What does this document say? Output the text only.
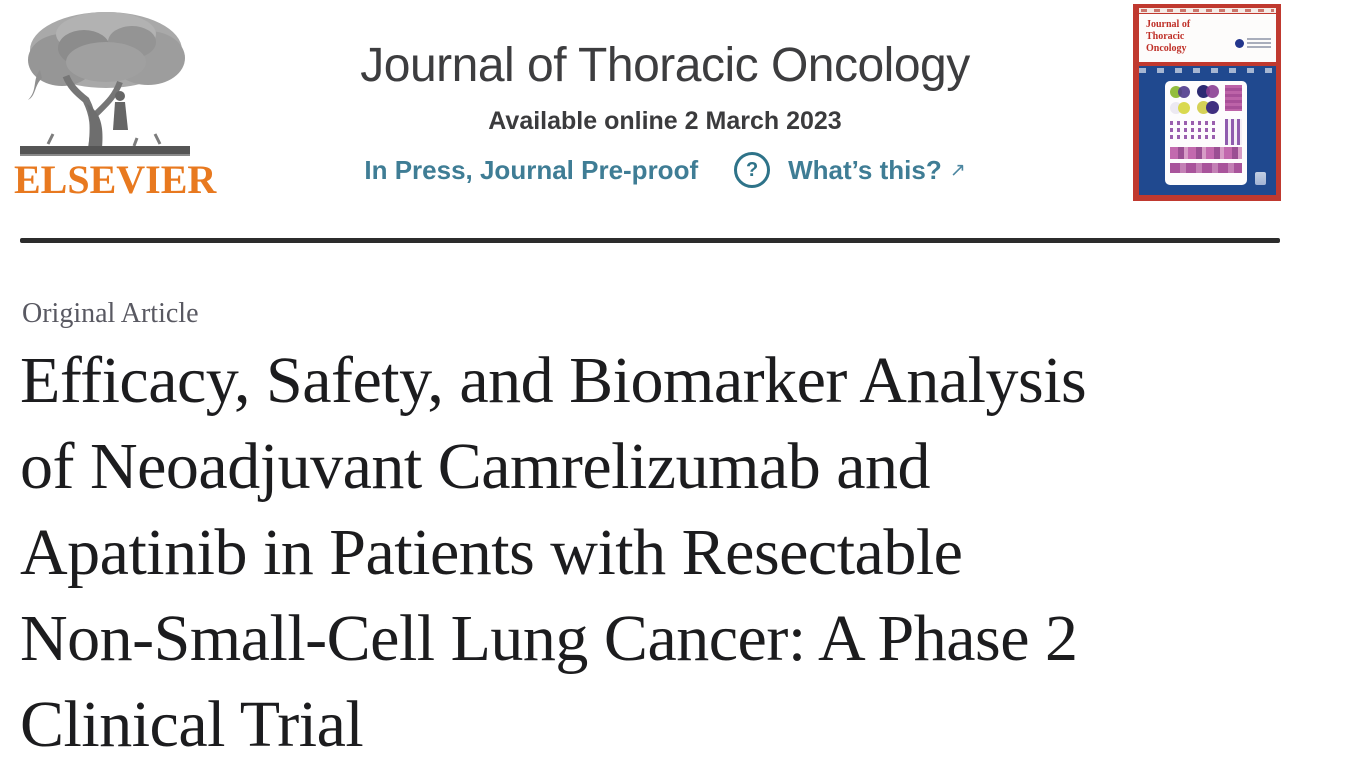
ELSEVIER
Journal of Thoracic Oncology
Available online 2 March 2023
In Press, Journal Pre-proof	?	What’s this? ↗
Journal of
Thoracic
Oncology
Original Article
Efficacy, Safety, and Biomarker Analysis
of Neoadjuvant Camrelizumab and
Apatinib in Patients with Resectable
Non-Small-Cell Lung Cancer: A Phase 2
Clinical Trial
